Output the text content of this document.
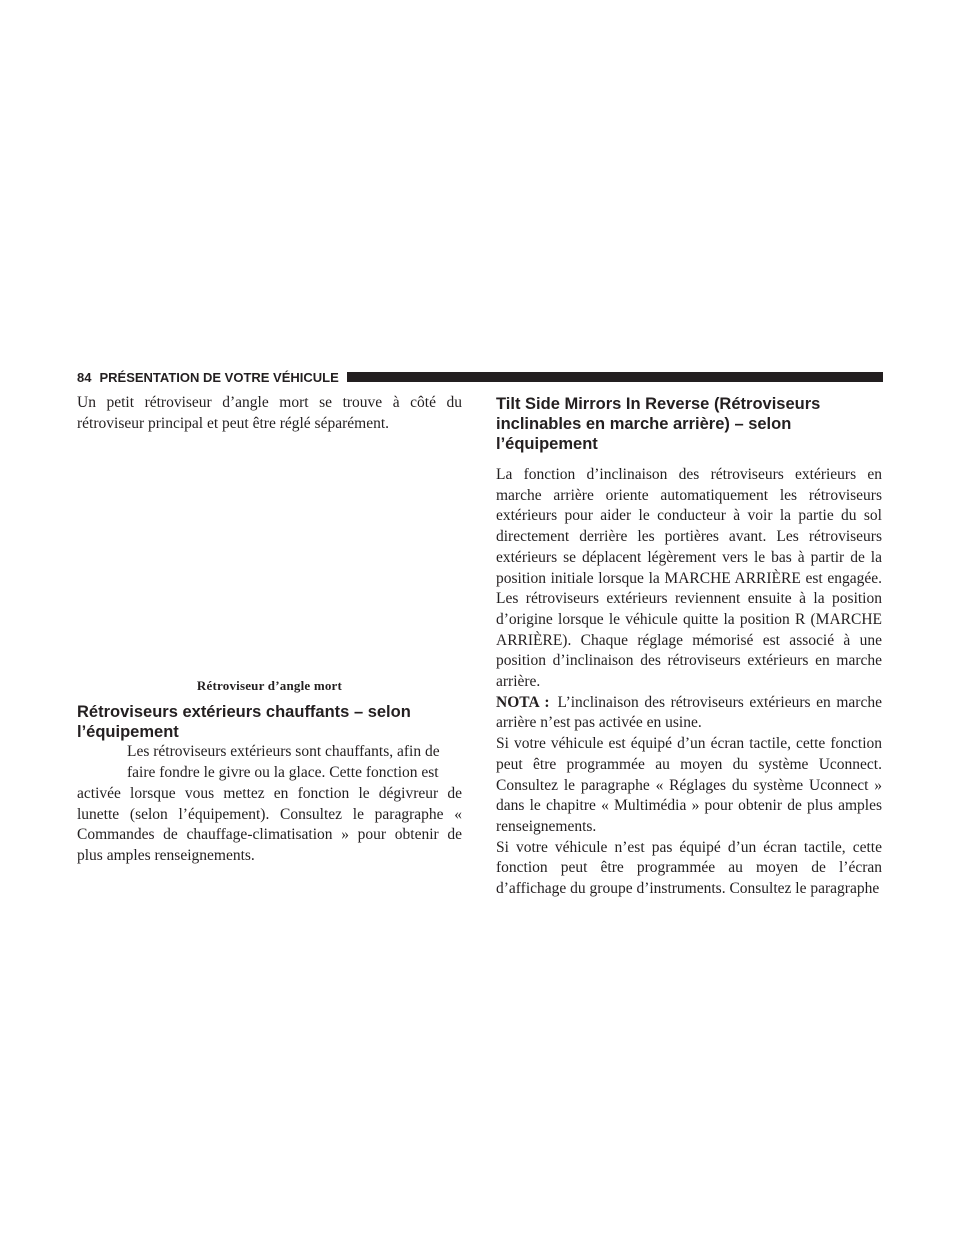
84 PRÉSENTATION DE VOTRE VÉHICULE

Un petit rétroviseur d’angle mort se trouve à côté du rétroviseur principal et peut être réglé séparément.

Rétroviseur d’angle mort
Rétroviseurs extérieurs chauffants – selon
l’équipement

Les rétroviseurs extérieurs sont chauffants, afin de
faire fondre le givre ou la glace. Cette fonction est
activée lorsque vous mettez en fonction le dégivreur de lunette (selon l’équipement). Consultez le paragraphe « Commandes de chauffage-climatisation » pour obtenir de plus amples renseignements.

Tilt Side Mirrors In Reverse (Rétroviseurs
inclinables en marche arrière) – selon l’équipement

La fonction d’inclinaison des rétroviseurs extérieurs en marche arrière oriente automatiquement les rétroviseurs extérieurs pour aider le conducteur à voir la partie du sol directement derrière les portières avant. Les rétroviseurs extérieurs se déplacent légèrement vers le bas à partir de la position initiale lorsque la MARCHE ARRIÈRE est engagée. Les rétroviseurs extérieurs reviennent ensuite à la position d’origine lorsque le véhicule quitte la position R (MARCHE ARRIÈRE). Chaque réglage mémorisé est associé à une position d’inclinaison des rétroviseurs extérieurs en marche arrière.

NOTA : L’inclinaison des rétroviseurs extérieurs en marche arrière n’est pas activée en usine.

Si votre véhicule est équipé d’un écran tactile, cette fonction peut être programmée au moyen du système Uconnect. Consultez le paragraphe « Réglages du système Uconnect » dans le chapitre « Multimédia » pour obtenir de plus amples renseignements.

Si votre véhicule n’est pas équipé d’un écran tactile, cette fonction peut être programmée au moyen de l’écran d’affichage du groupe d’instruments. Consultez le paragraphe
